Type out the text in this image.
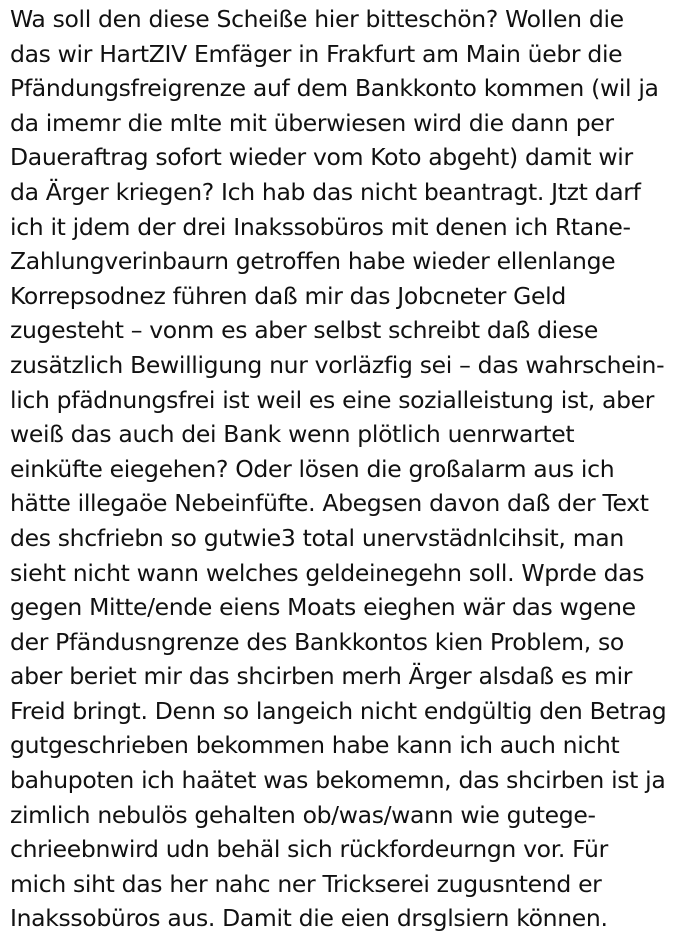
Wa soll den diese Scheiße hier bitteschön? Wollen die
das wir HartZIV Emfäger in Frakfurt am Main üebr die
Pfändungsfreigrenze auf dem Bankkonto kommen (wil ja
da imemr die mIte mit überwiesen wird die dann per
Daueraftrag sofort wieder vom Koto abgeht) damit wir
da Ärger kriegen? Ich hab das nicht beantragt. Jtzt darf
ich it jdem der drei Inakssobüros mit denen ich Rtane-
Zahlungverinbaurn getroffen habe wieder ellenlange
Korrepsodnez führen daß mir das Jobcneter Geld
zugesteht – vonm es aber selbst schreibt daß diese
zusätzlich Bewilligung nur vorläzfig sei – das wahrschein-
lich pfädnungsfrei ist weil es eine sozialleistung ist, aber
weiß das auch dei Bank wenn plötlich uenrwartet
einküfte eiegehen? Oder lösen die großalarm aus ich
hätte illegaöe Nebeinfüfte. Abegsen davon daß der Text
des shcfriebn so gutwie3 total unervstädnlcihsit, man
sieht nicht wann welches geldeinegehn soll. Wprde das
gegen Mitte/ende eiens Moats eieghen wär das wgene
der Pfändusngrenze des Bankkontos kien Problem, so
aber beriet mir das shcirben merh Ärger alsdaß es mir
Freid bringt. Denn so langeich nicht endgültig den Betrag
gutgeschrieben bekommen habe kann ich auch nicht
bahupoten ich haätet was bekomemn, das shcirben ist ja
zimlich nebulös gehalten ob/was/wann wie gutege-
chrieebnwird udn behäl sich rückfordeurngn vor. Für
mich siht das her nahc ner Trickserei zugusntend er
Inakssobüros aus. Damit die eien drsglsiern können.
